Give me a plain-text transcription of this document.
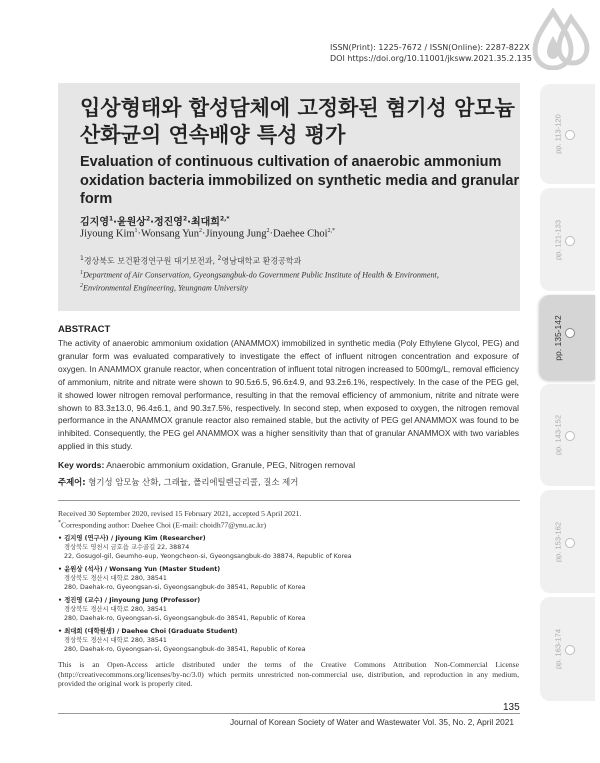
ISSN(Print): 1225-7672 / ISSN(Online): 2287-822X
DOI https://doi.org/10.11001/jksww.2021.35.2.135
입상형태와 합성담체에 고정화된 혐기성 암모늄
산화균의 연속배양 특성 평가
Evaluation of continuous cultivation of anaerobic ammonium
oxidation bacteria immobilized on synthetic media and granular form
김지영$^1$·윤원상$^2$·정진영$^2$·최대희$^{2,*}$
Jiyoung Kim$^1$·Wonsang Yun$^2$·Jinyoung Jung$^2$·Daehee Choi$^{2,*}$
$^1$경상북도 보건환경연구원 대기보전과, $^2$영남대학교 환경공학과
$^1$Department of Air Conservation, Gyeongsangbuk-do Government Public Institute of Health & Environment,
$^2$Environmental Engineering, Yeungnam University
ABSTRACT
The activity of anaerobic ammonium oxidation (ANAMMOX) immobilized in synthetic media (Poly Ethylene Glycol, PEG) and granular form was evaluated comparatively to investigate the effect of influent nitrogen concentration and exposure of oxygen. In ANAMMOX granule reactor, when concentration of influent total nitrogen increased to 500mg/L, removal efficiency of ammonium, nitrite and nitrate were shown to 90.5±6.5, 96.6±4.9, and 93.2±6.1%, respectively. In the case of the PEG gel, it showed lower nitrogen removal performance, resulting in that the removal efficiency of ammonium, nitrite and nitrate were shown to 83.3±13.0, 96.4±6.1, and 90.3±7.5%, respectively. In second step, when exposed to oxygen, the nitrogen removal performance in the ANAMMOX granule reactor also remained stable, but the activity of PEG gel ANAMMOX was found to be inhibited. Consequently, the PEG gel ANAMMOX was a higher sensitivity than that of granular ANAMMOX with two variables applied in this study.
Key words: Anaerobic ammonium oxidation, Granule, PEG, Nitrogen removal
주제어: 혐기성 암모늄 산화, 그래뉼, 폴리에틸렌글리콜, 질소 제거
Received 30 September 2020, revised 15 February 2021, accepted 5 April 2021.
*Corresponding author: Daehee Choi (E-mail: choidh77@ynu.ac.kr)
• 김지영 (연구사) / Jiyoung Kim (Researcher)
경상북도 영천시 금호읍 교수골길 22, 38874
22, Gosugol-gil, Geumho-eup, Yeongcheon-si, Gyeongsangbuk-do 38874, Republic of Korea
• 윤원상 (석사) / Wonsang Yun (Master Student)
경상북도 경산시 대학로 280, 38541
280, Daehak-ro, Gyeongsan-si, Gyeongsangbuk-do 38541, Republic of Korea
• 정진영 (교수) / Jinyoung Jung (Professor)
경상북도 경산시 대학로 280, 38541
280, Daehak-ro, Gyeongsan-si, Gyeongsangbuk-do 38541, Republic of Korea
• 최대희 (대학원생) / Daehee Choi (Graduate Student)
경상북도 경산시 대학로 280, 38541
280, Daehak-ro, Gyeongsan-si, Gyeongsangbuk-do 38541, Republic of Korea
This is an Open-Access article distributed under the terms of the Creative Commons Attribution Non-Commercial License (http://creativecommons.org/licenses/by-nc/3.0) which permits unrestricted non-commercial use, distribution, and reproduction in any medium, provided the original work is properly cited.
135
Journal of Korean Society of Water and Wastewater Vol. 35, No. 2, April 2021
pp. 113-120
pp. 121-133
pp. 135-142
pp. 143-152
pp. 153-162
pp. 163-174
